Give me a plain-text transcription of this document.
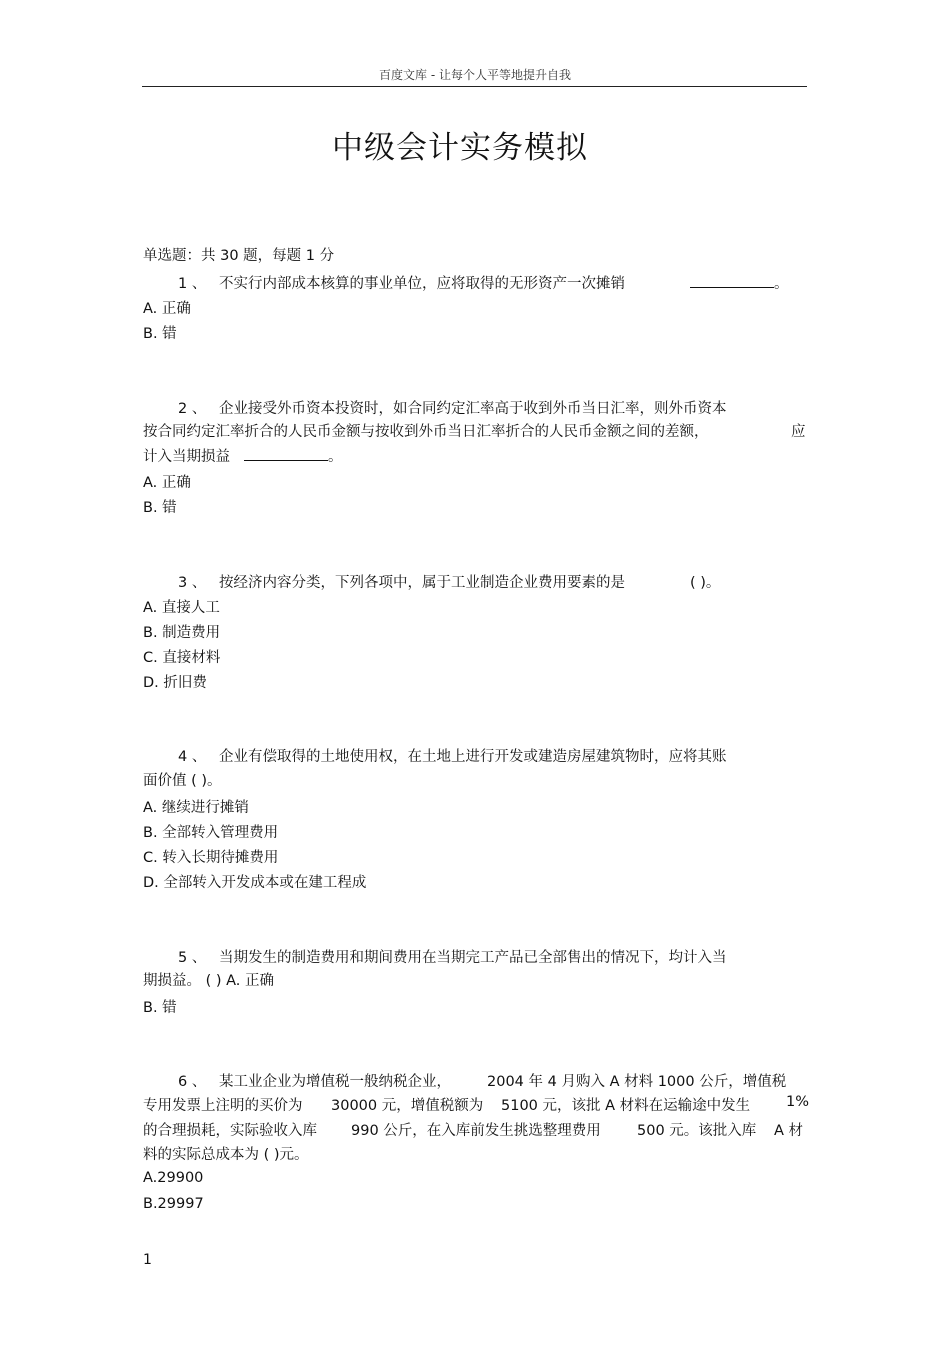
百度文库 - 让每个人平等地提升自我
中级会计实务模拟
单选题：共 30 题，每题 1 分
1 、 不实行内部成本核算的事业单位，应将取得的无形资产一次摊销	。
A. 正确
B. 错
2 、 企业接受外币资本投资时，如合同约定汇率高于收到外币当日汇率，则外币资本
按合同约定汇率折合的人民币金额与按收到外币当日汇率折合的人民币金额之间的差额，	应
计入当期损益	。
A. 正确
B. 错
3 、 按经济内容分类，下列各项中，属于工业制造企业费用要素的是	( )。
A. 直接人工
B. 制造费用
C. 直接材料
D. 折旧费
4 、 企业有偿取得的土地使用权，在土地上进行开发或建造房屋建筑物时，应将其账
面价值 ( )。
A. 继续进行摊销
B. 全部转入管理费用
C. 转入长期待摊费用
D. 全部转入开发成本或在建工程成
5 、 当期发生的制造费用和期间费用在当期完工产品已全部售出的情况下，均计入当
期损益。 ( ) A. 正确
B. 错
6 、 某工业企业为增值税一般纳税企业， 2004 年 4 月购入 A 材料 1000 公斤，增值税
专用发票上注明的买价为 30000 元，增值税额为 5100 元，该批 A 材料在运输途中发生 1%
的合理损耗，实际验收入库 990 公斤，在入库前发生挑选整理费用 500 元。该批入库 A 材
料的实际总成本为 ( )元。
A.29900
B.29997
1
